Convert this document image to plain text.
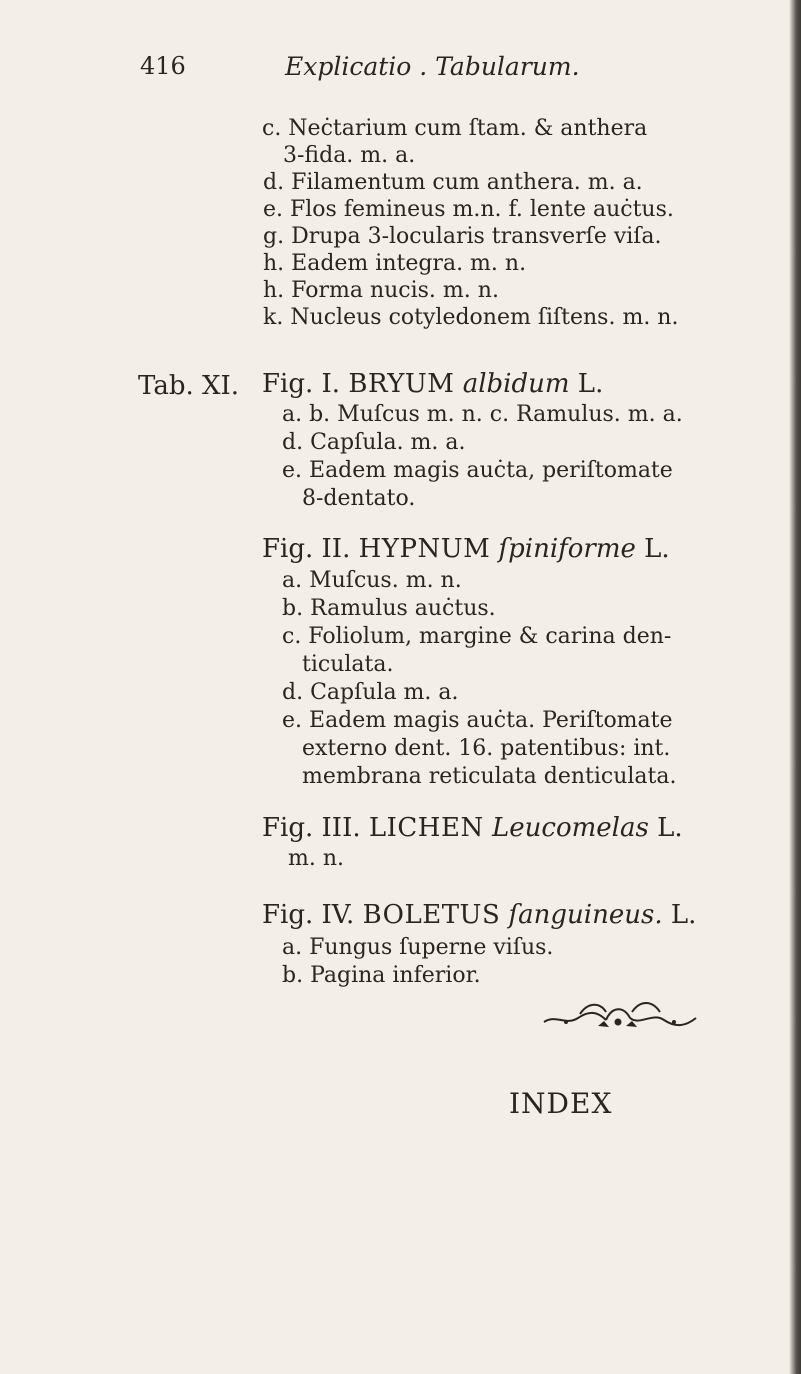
416	Explicatio . Tabularum.
c. Neċtarium cum ſtam. & anthera
3-fida. m. a.
d. Filamentum cum anthera. m. a.
e. Flos femineus m.n. f. lente auċtus.
g. Drupa 3-locularis transverſe viſa.
h. Eadem integra. m. n.
h. Forma nucis. m. n.
k. Nucleus cotyledonem ſiſtens. m. n.
Tab. XI. Fig. I. BRYUM albidum L.
a. b. Muſcus m. n. c. Ramulus. m. a.
d. Capſula. m. a.
e. Eadem magis auċta, periſtomate
8-dentato.
Fig. II. HYPNUM ſpiniforme L.
a. Muſcus. m. n.
b. Ramulus auċtus.
c. Foliolum, margine & carina den-
ticulata.
d. Capſula m. a.
e. Eadem magis auċta. Periſtomate
externo dent. 16. patentibus: int.
membrana reticulata denticulata.
Fig. III. LICHEN Leucomelas L.
m. n.
Fig. IV. BOLETUS ſanguineus. L.
a. Fungus ſuperne viſus.
b. Pagina inferior.
INDEX
